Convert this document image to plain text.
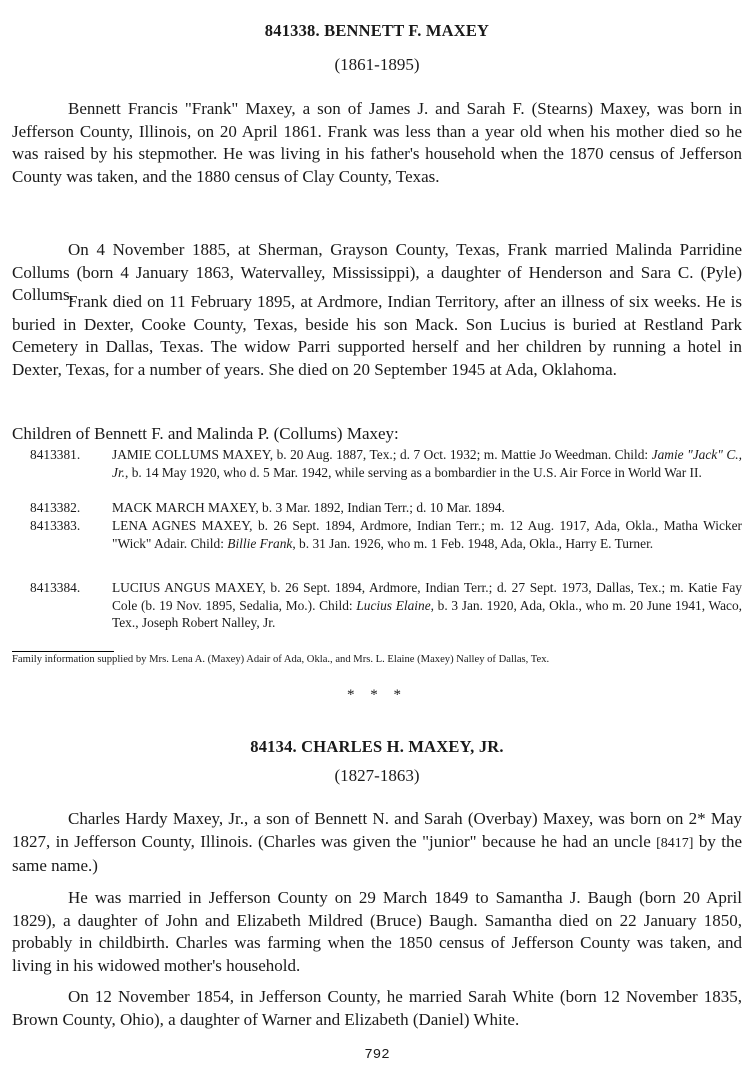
841338. BENNETT F. MAXEY
(1861-1895)

Bennett Francis "Frank" Maxey, a son of James J. and Sarah F. (Stearns) Maxey, was born in Jefferson County, Illinois, on 20 April 1861. Frank was less than a year old when his mother died so he was raised by his stepmother. He was living in his father's household when the 1870 census of Jefferson County was taken, and the 1880 census of Clay County, Texas.

On 4 November 1885, at Sherman, Grayson County, Texas, Frank married Malinda Parridine Collums (born 4 January 1863, Watervalley, Mississippi), a daughter of Henderson and Sara C. (Pyle) Collums.

Frank died on 11 February 1895, at Ardmore, Indian Territory, after an illness of six weeks. He is buried in Dexter, Cooke County, Texas, beside his son Mack. Son Lucius is buried at Restland Park Cemetery in Dallas, Texas. The widow Parri supported herself and her children by running a hotel in Dexter, Texas, for a number of years. She died on 20 September 1945 at Ada, Oklahoma.

Children of Bennett F. and Malinda P. (Collums) Maxey:
8413381. JAMIE COLLUMS MAXEY, b. 20 Aug. 1887, Tex.; d. 7 Oct. 1932; m. Mattie Jo Weedman. Child: Jamie "Jack" C., Jr., b. 14 May 1920, who d. 5 Mar. 1942, while serving as a bombardier in the U.S. Air Force in World War II.
8413382. MACK MARCH MAXEY, b. 3 Mar. 1892, Indian Terr.; d. 10 Mar. 1894.
8413383. LENA AGNES MAXEY, b. 26 Sept. 1894, Ardmore, Indian Terr.; m. 12 Aug. 1917, Ada, Okla., Matha Wicker "Wick" Adair. Child: Billie Frank, b. 31 Jan. 1926, who m. 1 Feb. 1948, Ada, Okla., Harry E. Turner.
8413384. LUCIUS ANGUS MAXEY, b. 26 Sept. 1894, Ardmore, Indian Terr.; d. 27 Sept. 1973, Dallas, Tex.; m. Katie Fay Cole (b. 19 Nov. 1895, Sedalia, Mo.). Child: Lucius Elaine, b. 3 Jan. 1920, Ada, Okla., who m. 20 June 1941, Waco, Tex., Joseph Robert Nalley, Jr.
Family information supplied by Mrs. Lena A. (Maxey) Adair of Ada, Okla., and Mrs. L. Elaine (Maxey) Nalley of Dallas, Tex.
* * *
84134. CHARLES H. MAXEY, JR.
(1827-1863)

Charles Hardy Maxey, Jr., a son of Bennett N. and Sarah (Overbay) Maxey, was born on 2* May 1827, in Jefferson County, Illinois. (Charles was given the "junior" because he had an uncle [8417] by the same name.)

He was married in Jefferson County on 29 March 1849 to Samantha J. Baugh (born 20 April 1829), a daughter of John and Elizabeth Mildred (Bruce) Baugh. Samantha died on 22 January 1850, probably in childbirth. Charles was farming when the 1850 census of Jefferson County was taken, and living in his widowed mother's household.

On 12 November 1854, in Jefferson County, he married Sarah White (born 12 November 1835, Brown County, Ohio), a daughter of Warner and Elizabeth (Daniel) White.

792
